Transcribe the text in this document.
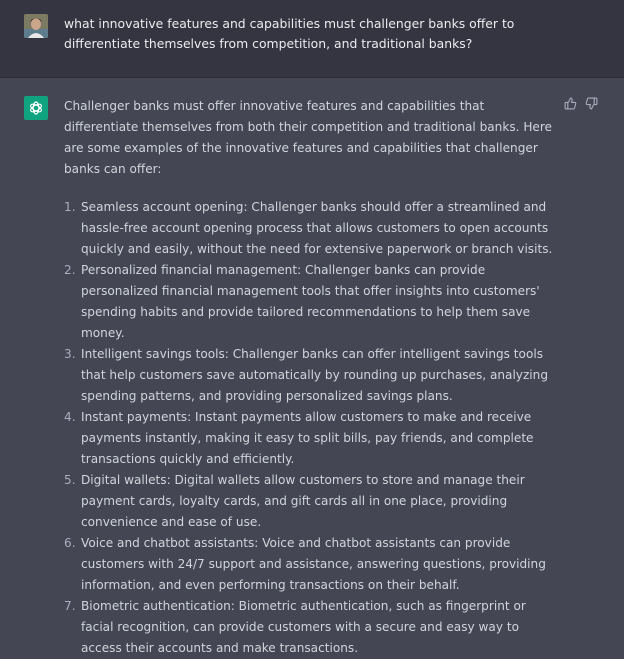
what innovative features and capabilities must challenger banks offer to differentiate themselves from competition, and traditional banks?

Challenger banks must offer innovative features and capabilities that differentiate themselves from both their competition and traditional banks. Here are some examples of the innovative features and capabilities that challenger banks can offer:

1. Seamless account opening: Challenger banks should offer a streamlined and hassle-free account opening process that allows customers to open accounts quickly and easily, without the need for extensive paperwork or branch visits.
2. Personalized financial management: Challenger banks can provide personalized financial management tools that offer insights into customers' spending habits and provide tailored recommendations to help them save money.
3. Intelligent savings tools: Challenger banks can offer intelligent savings tools that help customers save automatically by rounding up purchases, analyzing spending patterns, and providing personalized savings plans.
4. Instant payments: Instant payments allow customers to make and receive payments instantly, making it easy to split bills, pay friends, and complete transactions quickly and efficiently.
5. Digital wallets: Digital wallets allow customers to store and manage their payment cards, loyalty cards, and gift cards all in one place, providing convenience and ease of use.
6. Voice and chatbot assistants: Voice and chatbot assistants can provide customers with 24/7 support and assistance, answering questions, providing information, and even performing transactions on their behalf.
7. Biometric authentication: Biometric authentication, such as fingerprint or facial recognition, can provide customers with a secure and easy way to access their accounts and make transactions.
